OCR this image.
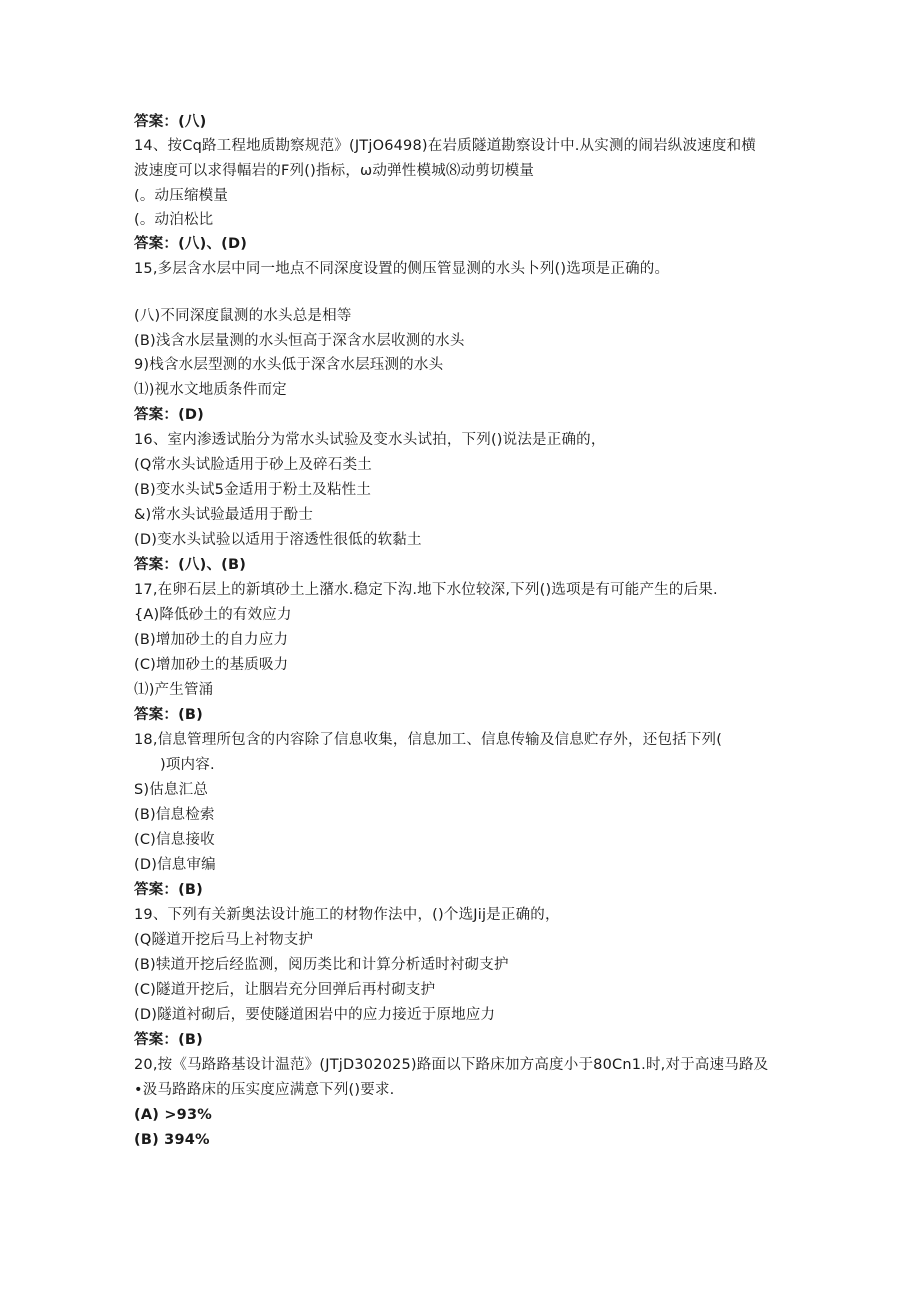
答案：(八)
14、按Cq路工程地质勘察规范》(JTjO6498)在岩质隧道勘察设计中.从实测的闹岩纵波速度和横
波速度可以求得幅岩的F列()指标，ω动弹性模城⑻动剪切模量
(。动压缩模量
(。动泊松比
答案：(八)、(D)
15,多层含水层中同一地点不同深度设置的侧压管显测的水头卜列()选项是正确的。
(八)不同深度鼠测的水头总是相等
(B)浅含水层量测的水头恒高于深含水层收测的水头
9)栈含水层型测的水头低于深含水层珏测的水头
⑴)视水文地质条件而定
答案：(D)
16、室内渗透试胎分为常水头试验及变水头试拍，下列()说法是正确的，
(Q常水头试脸适用于砂上及碎石类土
(B)变水头试5金适用于粉土及粘性土
&)常水头试验最适用于酚士
(D)变水头试验以适用于溶透性很低的软黏土
答案：(八)、(B)
17,在卵石层上的新填砂土上潴水.稳定下沟.地下水位较深,下列()选项是有可能产生的后果.
{A)降低砂土的有效应力
(B)增加砂土的自力应力
(C)增加砂土的基质吸力
⑴)产生管涌
答案：(B)
18,信息管理所包含的内容除了信息收集，信息加工、信息传输及信息贮存外，还包括下列(
)项内容.
S)估息汇总
(B)信息检索
(C)信息接收
(D)信息审编
答案：(B)
19、下列有关新奥法设计施工的材物作法中，()个选Jij是正确的，
(Q隧道开挖后马上衬物支护
(B)犊道开挖后经监测，阅历类比和计算分析适时衬砌支护
(C)隧道开挖后，让胭岩充分回弹后再村砌支护
(D)隧道衬砌后，要使隧道困岩中的应力接近于原地应力
答案：(B)
20,按《马路路基设计温范》(JTjD302025)路面以下路床加方高度小于80Cn1.时,对于高速马路及
•汲马路路床的压实度应满意下列()要求.
(A) >93%
(B) 394%
